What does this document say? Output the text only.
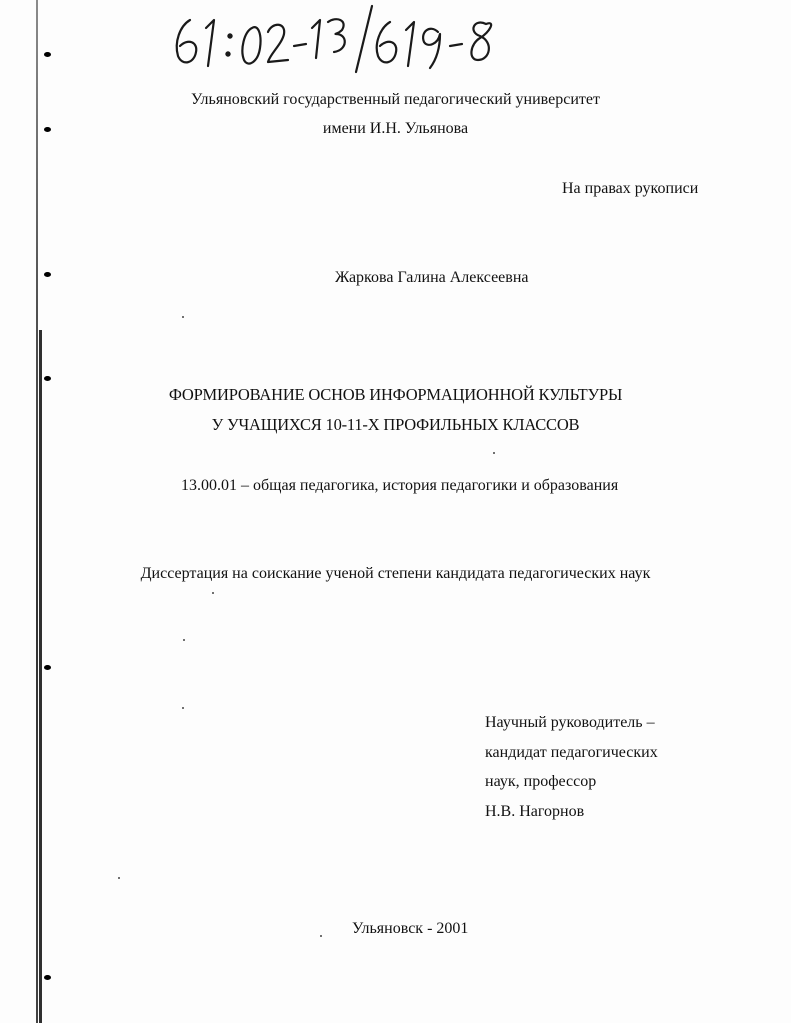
Ульяновский государственный педагогический университет
имени И.Н. Ульянова
На правах рукописи
Жаркова Галина Алексеевна
ФОРМИРОВАНИЕ ОСНОВ ИНФОРМАЦИОННОЙ КУЛЬТУРЫ
У УЧАЩИХСЯ 10-11-Х ПРОФИЛЬНЫХ КЛАССОВ
13.00.01 – общая педагогика, история педагогики и образования
Диссертация на соискание ученой степени кандидата педагогических наук
Научный руководитель –
кандидат педагогических
наук, профессор
Н.В. Нагорнов
Ульяновск - 2001
